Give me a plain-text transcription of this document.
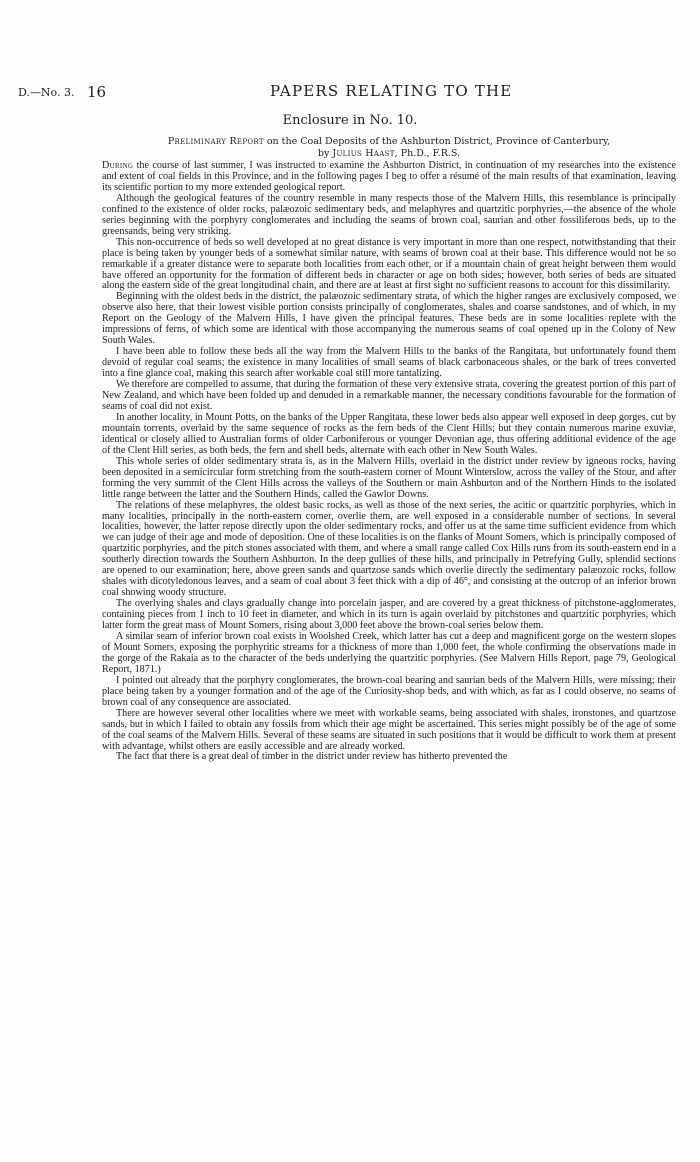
D.—No. 3. 16	PAPERS RELATING TO THE
Enclosure in No. 10.
Preliminary Report on the Coal Deposits of the Ashburton District, Province of Canterbury,
by Julius Haast, Ph.D., F.R.S.

During the course of last summer, I was instructed to examine the Ashburton District, in continuation of my researches into the existence and extent of coal fields in this Province, and in the following pages I beg to offer a résumé of the main results of that examination, leaving its scientific portion to my more extended geological report.

Although the geological features of the country resemble in many respects those of the Malvern Hills, this resemblance is principally confined to the existence of older rocks, palæozoic sedimentary beds, and melaphyres and quartzitic porphyries,—the absence of the whole series beginning with the porphyry conglomerates and including the seams of brown coal, saurian and other fossiliferous beds, up to the greensands, being very striking.

This non-occurrence of beds so well developed at no great distance is very important in more than one respect, notwithstanding that their place is being taken by younger beds of a somewhat similar nature, with seams of brown coal at their base. This difference would not be so remarkable if a greater distance were to separate both localities from each other, or if a mountain chain of great height between them would have offered an opportunity for the formation of different beds in character or age on both sides; however, both series of beds are situated along the eastern side of the great longitudinal chain, and there are at least at first sight no sufficient reasons to account for this dissimilarity.

Beginning with the oldest beds in the district, the palæozoic sedimentary strata, of which the higher ranges are exclusively composed, we observe also here, that their lowest visible portion consists principally of conglomerates, shales and coarse sandstones, and of which, in my Report on the Geology of the Malvern Hills, I have given the principal features. These beds are in some localities replete with the impressions of ferns, of which some are identical with those accompanying the numerous seams of coal opened up in the Colony of New South Wales.

I have been able to follow these beds all the way from the Malvern Hills to the banks of the Rangitata, but unfortunately found them devoid of regular coal seams; the existence in many localities of small seams of black carbonaceous shales, or the bark of trees converted into a fine glance coal, making this search after workable coal still more tantalizing.

We therefore are compelled to assume, that during the formation of these very extensive strata, covering the greatest portion of this part of New Zealand, and which have been folded up and denuded in a remarkable manner, the necessary conditions favourable for the formation of seams of coal did not exist.

In another locality, in Mount Potts, on the banks of the Upper Rangitata, these lower beds also appear well exposed in deep gorges, cut by mountain torrents, overlaid by the same sequence of rocks as the fern beds of the Clent Hills; but they contain numerous marine exuviæ, identical or closely allied to Australian forms of older Carboniferous or younger Devonian age, thus offering additional evidence of the age of the Clent Hill series, as both beds, the fern and shell beds, alternate with each other in New South Wales.

This whole series of older sedimentary strata is, as in the Malvern Hills, overlaid in the district under review by igneous rocks, having been deposited in a semicircular form stretching from the south-eastern corner of Mount Winterslow, across the valley of the Stour, and after forming the very summit of the Clent Hills across the valleys of the Southern or main Ashburton and of the Northern Hinds to the isolated little range between the latter and the Southern Hinds, called the Gawlor Downs.

The relations of these melaphyres, the oldest basic rocks, as well as those of the next series, the acitic or quartzitic porphyries, which in many localities, principally in the north-eastern corner, overlie them, are well exposed in a considerable number of sections. In several localities, however, the latter repose directly upon the older sedimentary rocks, and offer us at the same time sufficient evidence from which we can judge of their age and mode of deposition. One of these localities is on the flanks of Mount Somers, which is principally composed of quartzitic porphyries, and the pitch stones associated with them, and where a small range called Cox Hills runs from its south-eastern end in a southerly direction towards the Southern Ashburton. In the deep gullies of these hills, and principally in Petrefying Gully, splendid sections are opened to our examination; here, above green sands and quartzose sands which overlie directly the sedimentary palæozoic rocks, follow shales with dicotyledonous leaves, and a seam of coal about 3 feet thick with a dip of 46°, and consisting at the outcrop of an inferior brown coal showing woody structure.

The overlying shales and clays gradually change into porcelain jasper, and are covered by a great thickness of pitchstone-agglomerates, containing pieces from 1 inch to 10 feet in diameter, and which in its turn is again overlaid by pitchstones and quartzitic porphyries, which latter form the great mass of Mount Somers, rising about 3,000 feet above the brown-coal series below them.

A similar seam of inferior brown coal exists in Woolshed Creek, which latter has cut a deep and magnificent gorge on the western slopes of Mount Somers, exposing the porphyritic streams for a thickness of more than 1,000 feet, the whole confirming the observations made in the gorge of the Rakaia as to the character of the beds underlying the quartzitic porphyries. (See Malvern Hills Report, page 79, Geological Report, 1871.)

I pointed out already that the porphyry conglomerates, the brown-coal bearing and saurian beds of the Malvern Hills, were missing; their place being taken by a younger formation and of the age of the Curiosity-shop beds, and with which, as far as I could observe, no seams of brown coal of any consequence are associated.

There are however several other localities where we meet with workable seams, being associated with shales, ironstones, and quartzose sands, but in which I failed to obtain any fossils from which their age might be ascertained. This series might possibly be of the age of some of the coal seams of the Malvern Hills. Several of these seams are situated in such positions that it would be difficult to work them at present with advantage, whilst others are easily accessible and are already worked.

The fact that there is a great deal of timber in the district under review has hitherto prevented the
